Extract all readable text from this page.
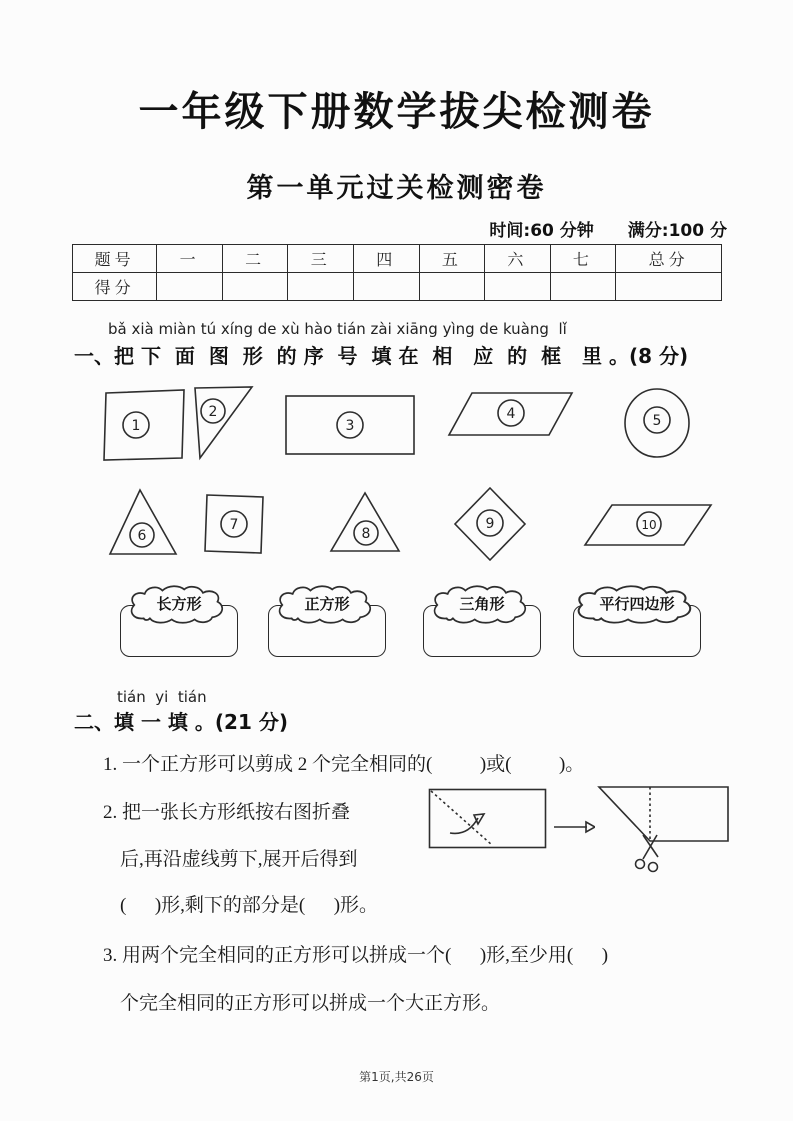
一年级下册数学拔尖检测卷
第一单元过关检测密卷
时间:60 分钟 满分:100 分
题号	一	二	三	四	五	六	七	总分
得分								
bǎ xià miàn tú xíng de xù hào tián zài xiāng yìng de kuàng  lǐ
一、把 下  面  图  形  的 序  号  填 在  相   应  的  框   里 。(8 分)
1
2
3
4	5
6
7
8
9	10
长方形	正方形	三角形	平行四边形
tián  yi  tián
二、填 一 填 。(21 分)
1. 一个正方形可以剪成 2 个完全相同的(          )或(          )。
2. 把一张长方形纸按右图折叠
后,再沿虚线剪下,展开后得到
(      )形,剩下的部分是(      )形。
3. 用两个完全相同的正方形可以拼成一个(      )形,至少用(      )
个完全相同的正方形可以拼成一个大正方形。
第1页,共26页
